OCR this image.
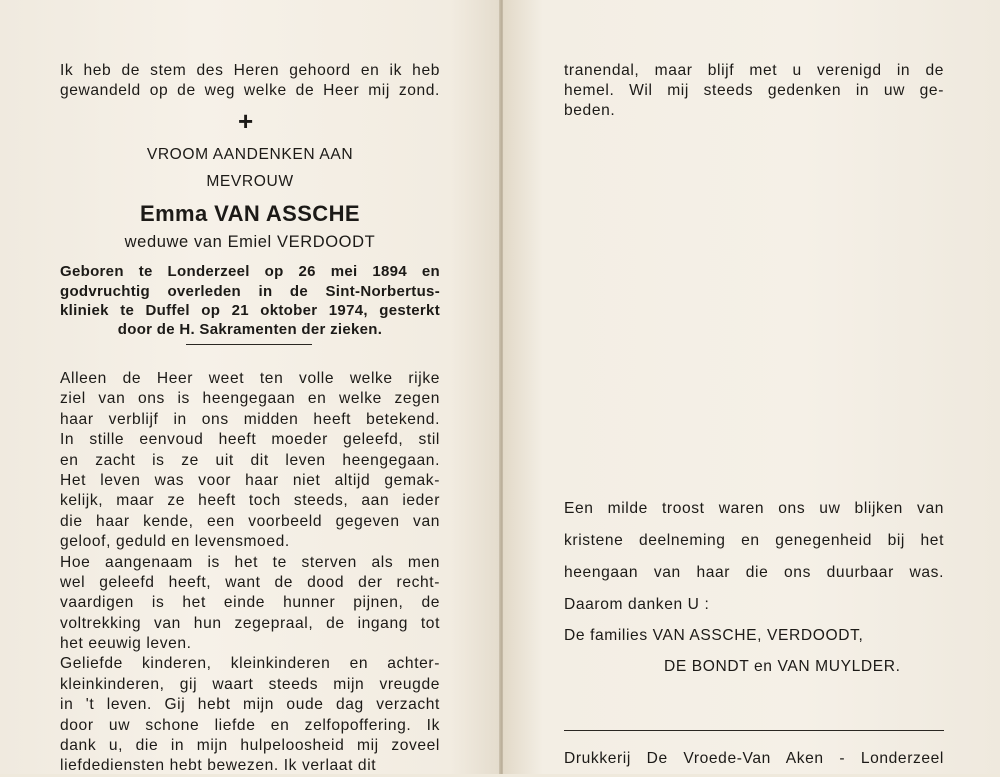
Ik heb de stem des Heren gehoord en ik heb
gewandeld op de weg welke de Heer mij zond.
+
VROOM AANDENKEN AAN
MEVROUW
Emma VAN ASSCHE
weduwe van Emiel VERDOODT
Geboren te Londerzeel op 26 mei 1894 en
godvruchtig overleden in de Sint-Norbertus-
kliniek te Duffel op 21 oktober 1974, gesterkt
door de H. Sakramenten der zieken.
Alleen de Heer weet ten volle welke rijke
ziel van ons is heengegaan en welke zegen
haar verblijf in ons midden heeft betekend.
In stille eenvoud heeft moeder geleefd, stil
en zacht is ze uit dit leven heengegaan.
Het leven was voor haar niet altijd gemak-
kelijk, maar ze heeft toch steeds, aan ieder
die haar kende, een voorbeeld gegeven van
geloof, geduld en levensmoed.
Hoe aangenaam is het te sterven als men
wel geleefd heeft, want de dood der recht-
vaardigen is het einde hunner pijnen, de
voltrekking van hun zegepraal, de ingang tot
het eeuwig leven.
Geliefde kinderen, kleinkinderen en achter-
kleinkinderen, gij waart steeds mijn vreugde
in 't leven. Gij hebt mijn oude dag verzacht
door uw schone liefde en zelfopoffering. Ik
dank u, die in mijn hulpeloosheid mij zoveel
liefdediensten hebt bewezen. Ik verlaat dit
tranendal, maar blijf met u verenigd in de
hemel. Wil mij steeds gedenken in uw ge-
beden.
Een milde troost waren ons uw blijken van
kristene deelneming en genegenheid bij het
heengaan van haar die ons duurbaar was.
Daarom danken U :
De families VAN ASSCHE, VERDOODT,
DE BONDT en VAN MUYLDER.
Drukkerij De Vroede-Van Aken - Londerzeel
